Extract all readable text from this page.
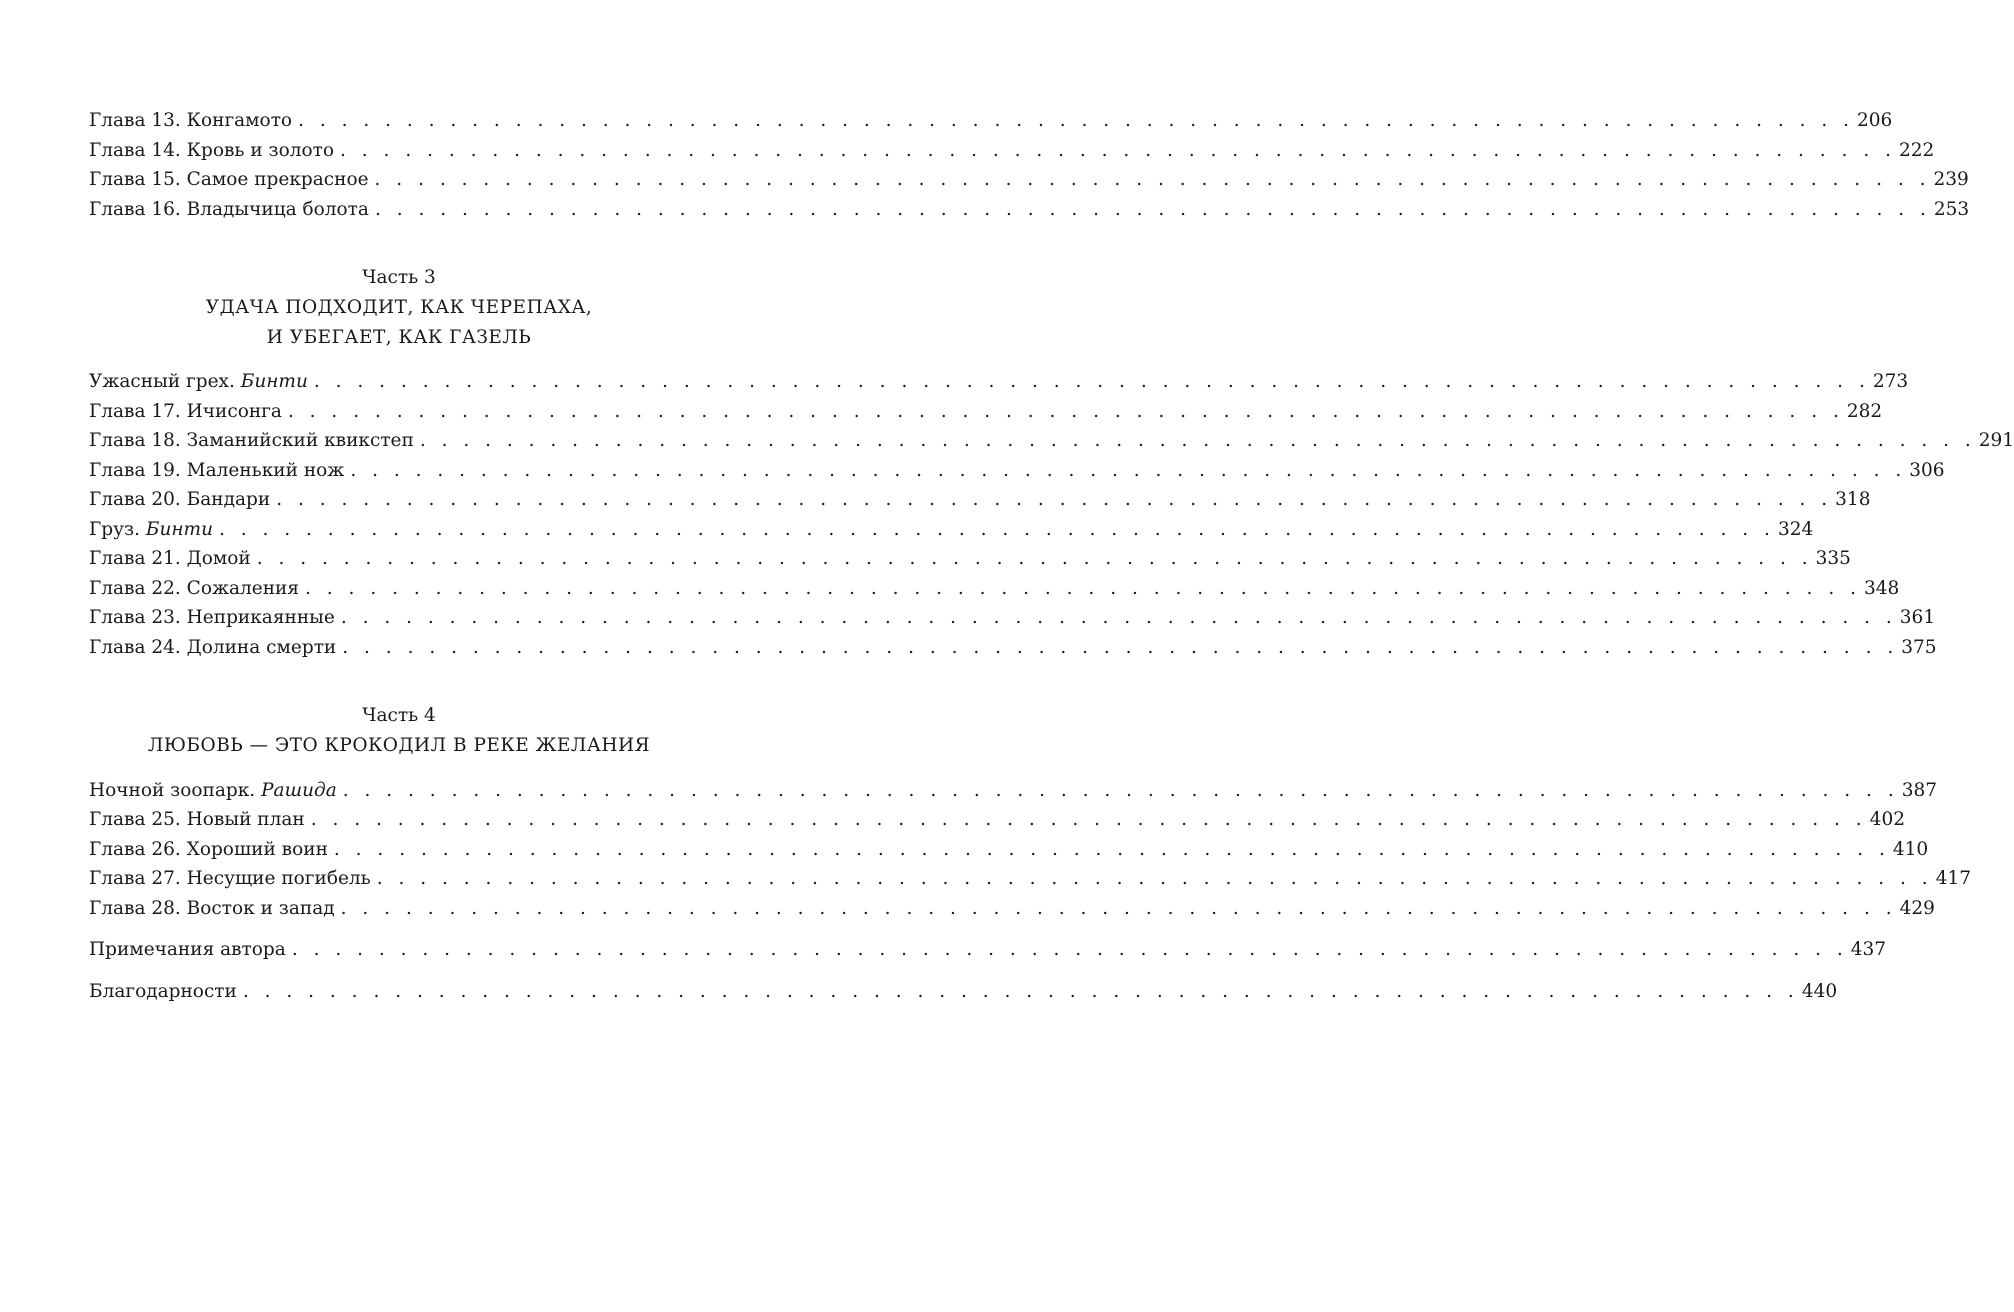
Глава 13. Конгамото . . . . . . . . . . . . . . . . . . . . . . . . . . . . . . . . . . . . . . . . . . . . . . . . . . . . . . . . . . . . . . . . . . . . . . . . 206
Глава 14. Кровь и золото . . . . . . . . . . . . . . . . . . . . . . . . . . . . . . . . . . . . . . . . . . . . . . . . . . . . . . . . . . . . . . . . . . . . . . . . 222
Глава 15. Самое прекрасное . . . . . . . . . . . . . . . . . . . . . . . . . . . . . . . . . . . . . . . . . . . . . . . . . . . . . . . . . . . . . . . . . . . . . . . . 239
Глава 16. Владычица болота . . . . . . . . . . . . . . . . . . . . . . . . . . . . . . . . . . . . . . . . . . . . . . . . . . . . . . . . . . . . . . . . . . . . . . . . 253
Часть 3
УДАЧА ПОДХОДИТ, КАК ЧЕРЕПАХА,
И УБЕГАЕТ, КАК ГАЗЕЛЬ
Ужасный грех. Бинти . . . . . . . . . . . . . . . . . . . . . . . . . . . . . . . . . . . . . . . . . . . . . . . . . . . . . . . . . . . . . . . . . . . . . . . . 273
Глава 17. Ичисонга . . . . . . . . . . . . . . . . . . . . . . . . . . . . . . . . . . . . . . . . . . . . . . . . . . . . . . . . . . . . . . . . . . . . . . . . 282
Глава 18. Заманийский квикстеп . . . . . . . . . . . . . . . . . . . . . . . . . . . . . . . . . . . . . . . . . . . . . . . . . . . . . . . . . . . . . . . . . . . . . . . . 291
Глава 19. Маленький нож . . . . . . . . . . . . . . . . . . . . . . . . . . . . . . . . . . . . . . . . . . . . . . . . . . . . . . . . . . . . . . . . . . . . . . . . 306
Глава 20. Бандари . . . . . . . . . . . . . . . . . . . . . . . . . . . . . . . . . . . . . . . . . . . . . . . . . . . . . . . . . . . . . . . . . . . . . . . . 318
Груз. Бинти . . . . . . . . . . . . . . . . . . . . . . . . . . . . . . . . . . . . . . . . . . . . . . . . . . . . . . . . . . . . . . . . . . . . . . . . 324
Глава 21. Домой . . . . . . . . . . . . . . . . . . . . . . . . . . . . . . . . . . . . . . . . . . . . . . . . . . . . . . . . . . . . . . . . . . . . . . . . 335
Глава 22. Сожаления . . . . . . . . . . . . . . . . . . . . . . . . . . . . . . . . . . . . . . . . . . . . . . . . . . . . . . . . . . . . . . . . . . . . . . . . 348
Глава 23. Неприкаянные . . . . . . . . . . . . . . . . . . . . . . . . . . . . . . . . . . . . . . . . . . . . . . . . . . . . . . . . . . . . . . . . . . . . . . . . 361
Глава 24. Долина смерти . . . . . . . . . . . . . . . . . . . . . . . . . . . . . . . . . . . . . . . . . . . . . . . . . . . . . . . . . . . . . . . . . . . . . . . . 375
Часть 4
ЛЮБОВЬ — ЭТО КРОКОДИЛ В РЕКЕ ЖЕЛАНИЯ
Ночной зоопарк. Рашида . . . . . . . . . . . . . . . . . . . . . . . . . . . . . . . . . . . . . . . . . . . . . . . . . . . . . . . . . . . . . . . . . . . . . . . . 387
Глава 25. Новый план . . . . . . . . . . . . . . . . . . . . . . . . . . . . . . . . . . . . . . . . . . . . . . . . . . . . . . . . . . . . . . . . . . . . . . . . 402
Глава 26. Хороший воин . . . . . . . . . . . . . . . . . . . . . . . . . . . . . . . . . . . . . . . . . . . . . . . . . . . . . . . . . . . . . . . . . . . . . . . . 410
Глава 27. Несущие погибель . . . . . . . . . . . . . . . . . . . . . . . . . . . . . . . . . . . . . . . . . . . . . . . . . . . . . . . . . . . . . . . . . . . . . . . . 417
Глава 28. Восток и запад . . . . . . . . . . . . . . . . . . . . . . . . . . . . . . . . . . . . . . . . . . . . . . . . . . . . . . . . . . . . . . . . . . . . . . . . 429
Примечания автора . . . . . . . . . . . . . . . . . . . . . . . . . . . . . . . . . . . . . . . . . . . . . . . . . . . . . . . . . . . . . . . . . . . . . . . . 437
Благодарности . . . . . . . . . . . . . . . . . . . . . . . . . . . . . . . . . . . . . . . . . . . . . . . . . . . . . . . . . . . . . . . . . . . . . . . . 440
